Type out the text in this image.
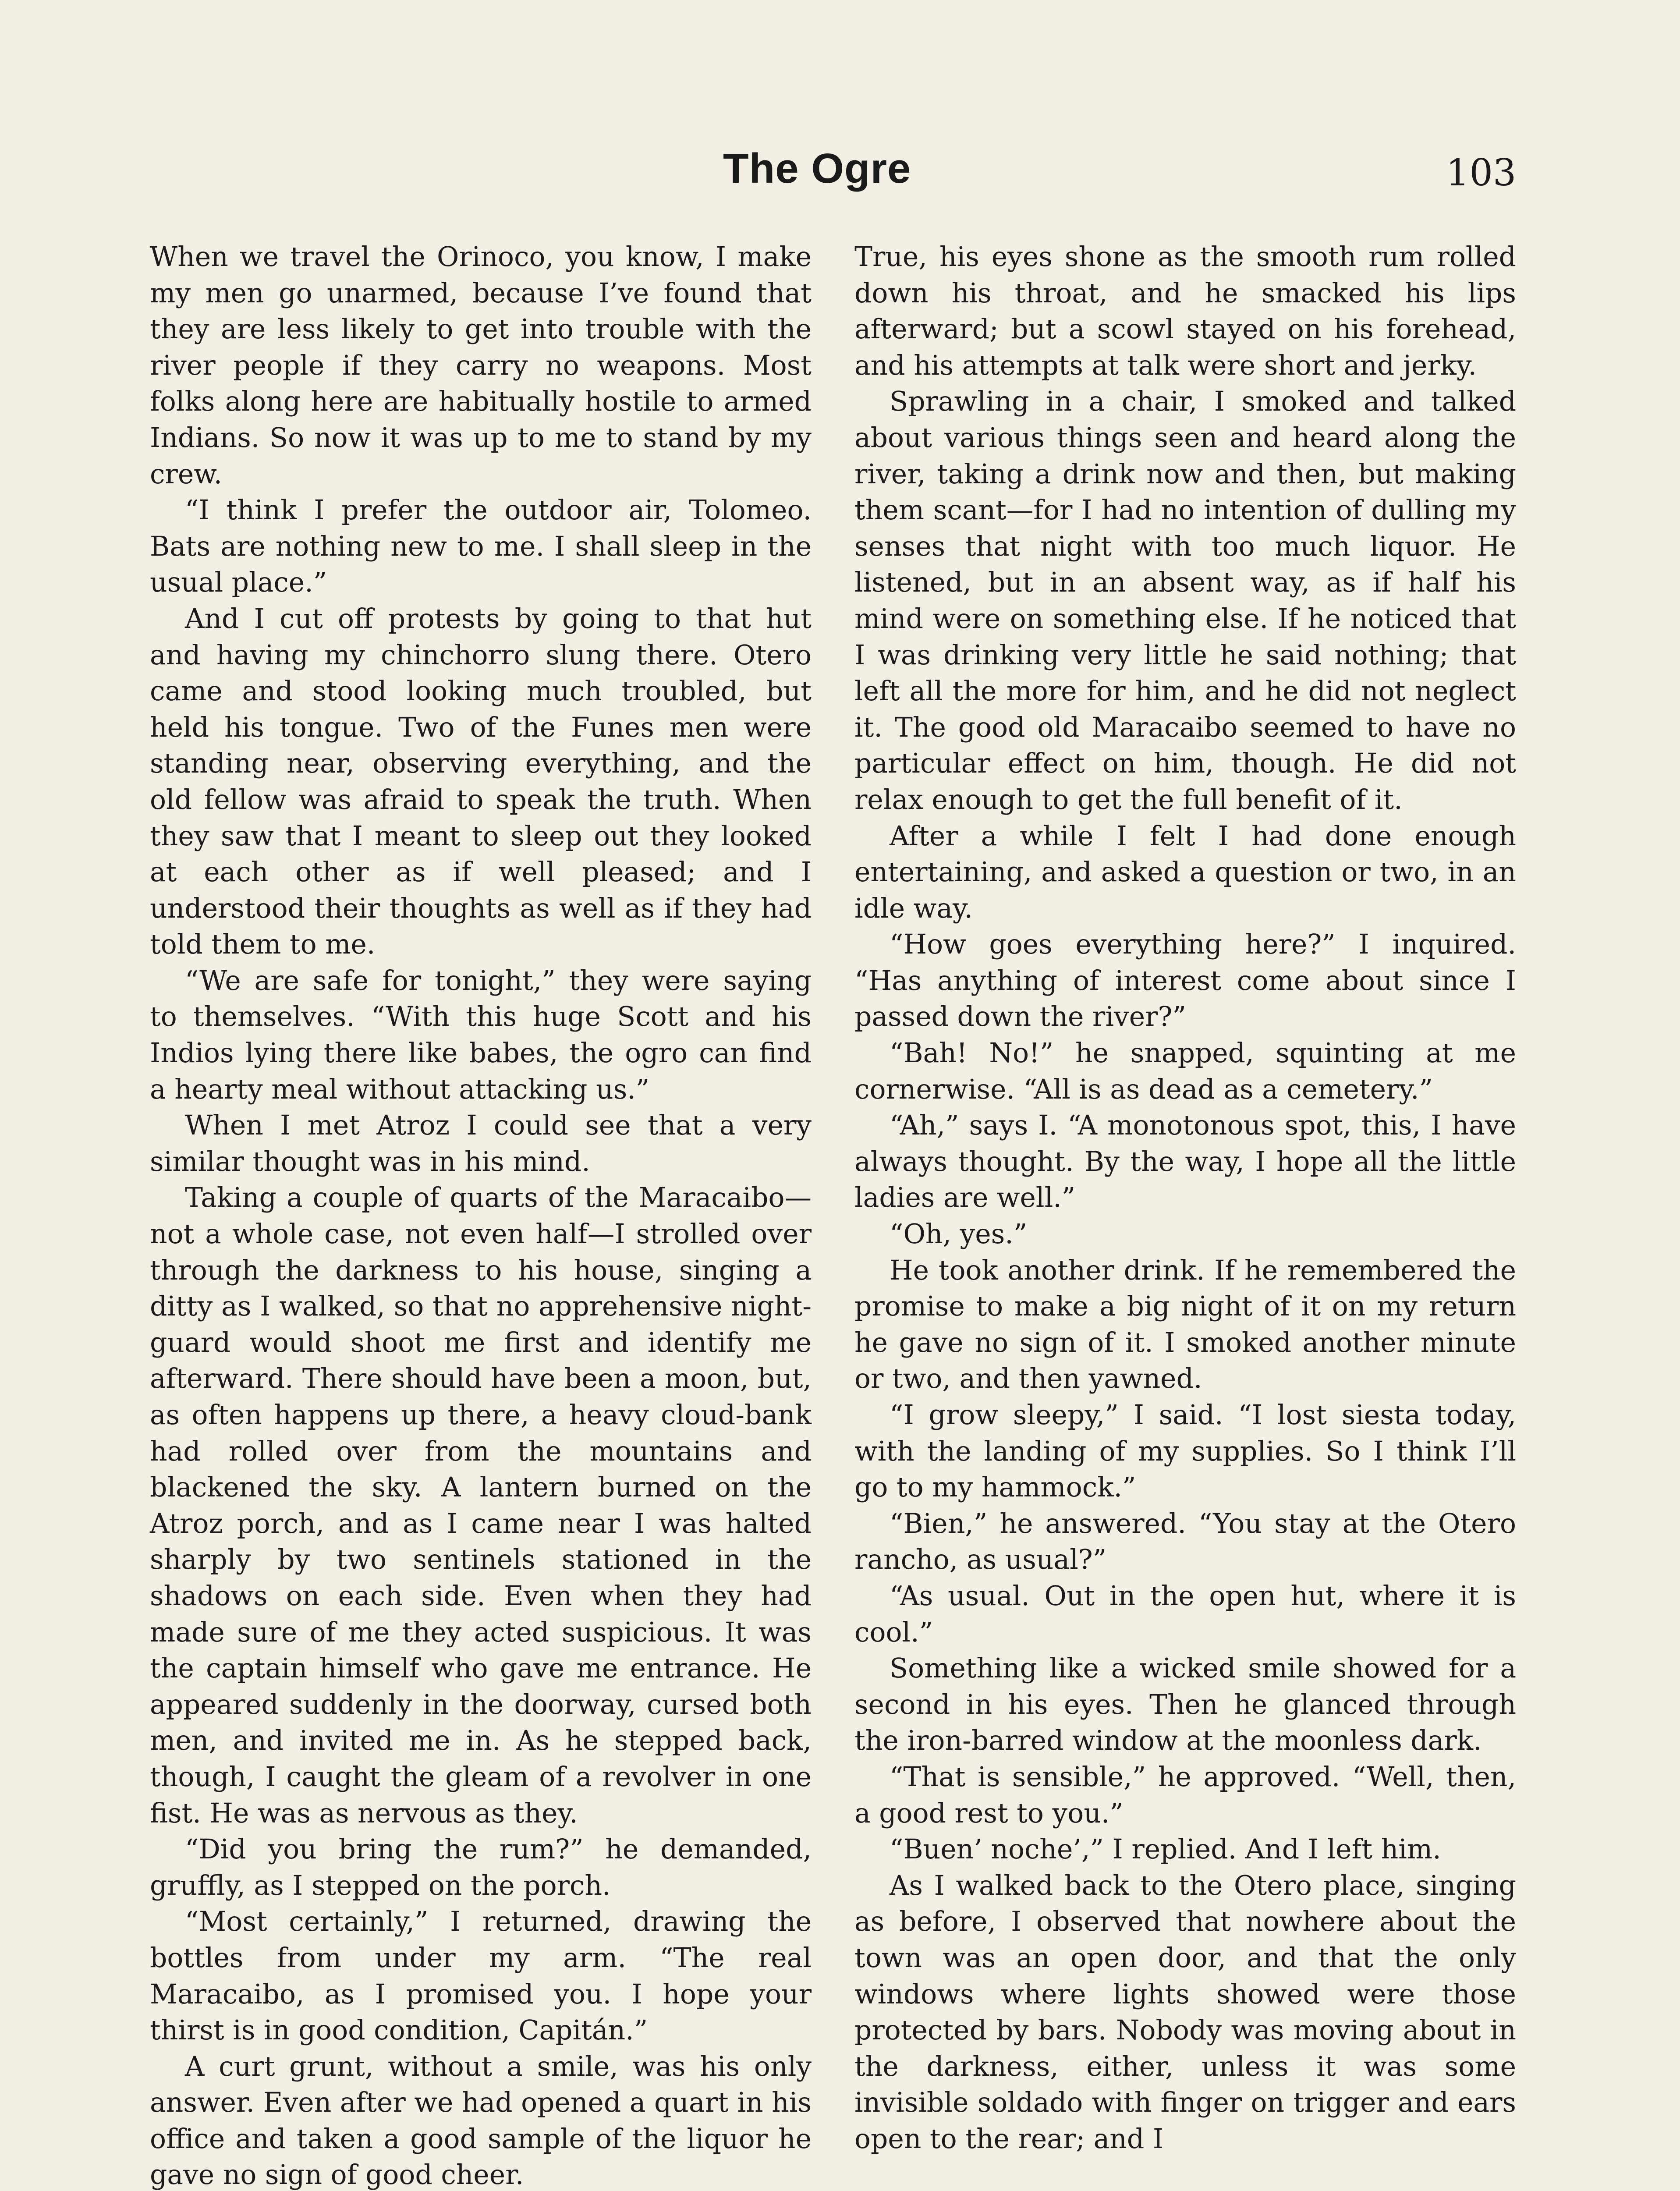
The Ogre	103

When we travel the Orinoco, you know, I make my men go unarmed, because I’ve found that they are less likely to get into trouble with the river people if they carry no weapons. Most folks along here are habitually hostile to armed Indians. So now it was up to me to stand by my crew.

“I think I prefer the outdoor air, Tolomeo. Bats are nothing new to me. I shall sleep in the usual place.”

And I cut off protests by going to that hut and having my chinchorro slung there. Otero came and stood looking much troubled, but held his tongue. Two of the Funes men were standing near, observing everything, and the old fellow was afraid to speak the truth. When they saw that I meant to sleep out they looked at each other as if well pleased; and I understood their thoughts as well as if they had told them to me.

“We are safe for tonight,” they were saying to themselves. “With this huge Scott and his Indios lying there like babes, the ogro can find a hearty meal without attacking us.”

When I met Atroz I could see that a very similar thought was in his mind.

Taking a couple of quarts of the Maracaibo—not a whole case, not even half—I strolled over through the darkness to his house, singing a ditty as I walked, so that no apprehensive night-guard would shoot me first and identify me afterward. There should have been a moon, but, as often happens up there, a heavy cloud-bank had rolled over from the mountains and blackened the sky. A lantern burned on the Atroz porch, and as I came near I was halted sharply by two sentinels stationed in the shadows on each side. Even when they had made sure of me they acted suspicious. It was the captain himself who gave me entrance. He appeared suddenly in the doorway, cursed both men, and invited me in. As he stepped back, though, I caught the gleam of a revolver in one fist. He was as nervous as they.

“Did you bring the rum?” he demanded, gruffly, as I stepped on the porch.

“Most certainly,” I returned, drawing the bottles from under my arm. “The real Maracaibo, as I promised you. I hope your thirst is in good condition, Capitán.”

A curt grunt, without a smile, was his only answer. Even after we had opened a quart in his office and taken a good sample of the liquor he gave no sign of good cheer.

True, his eyes shone as the smooth rum rolled down his throat, and he smacked his lips afterward; but a scowl stayed on his forehead, and his attempts at talk were short and jerky.

Sprawling in a chair, I smoked and talked about various things seen and heard along the river, taking a drink now and then, but making them scant—for I had no intention of dulling my senses that night with too much liquor. He listened, but in an absent way, as if half his mind were on something else. If he noticed that I was drinking very little he said nothing; that left all the more for him, and he did not neglect it. The good old Maracaibo seemed to have no particular effect on him, though. He did not relax enough to get the full benefit of it.

After a while I felt I had done enough entertaining, and asked a question or two, in an idle way.

“How goes everything here?” I inquired. “Has anything of interest come about since I passed down the river?”

“Bah! No!” he snapped, squinting at me cornerwise. “All is as dead as a cemetery.”

“Ah,” says I. “A monotonous spot, this, I have always thought. By the way, I hope all the little ladies are well.”

“Oh, yes.”

He took another drink. If he remembered the promise to make a big night of it on my return he gave no sign of it. I smoked another minute or two, and then yawned.

“I grow sleepy,” I said. “I lost siesta today, with the landing of my supplies. So I think I’ll go to my hammock.”

“Bien,” he answered. “You stay at the Otero rancho, as usual?”

“As usual. Out in the open hut, where it is cool.”

Something like a wicked smile showed for a second in his eyes. Then he glanced through the iron-barred window at the moonless dark.

“That is sensible,” he approved. “Well, then, a good rest to you.”

“Buen’ noche’,” I replied. And I left him.

As I walked back to the Otero place, singing as before, I observed that nowhere about the town was an open door, and that the only windows where lights showed were those protected by bars. Nobody was moving about in the darkness, either, unless it was some invisible soldado with finger on trigger and ears open to the rear; and I
